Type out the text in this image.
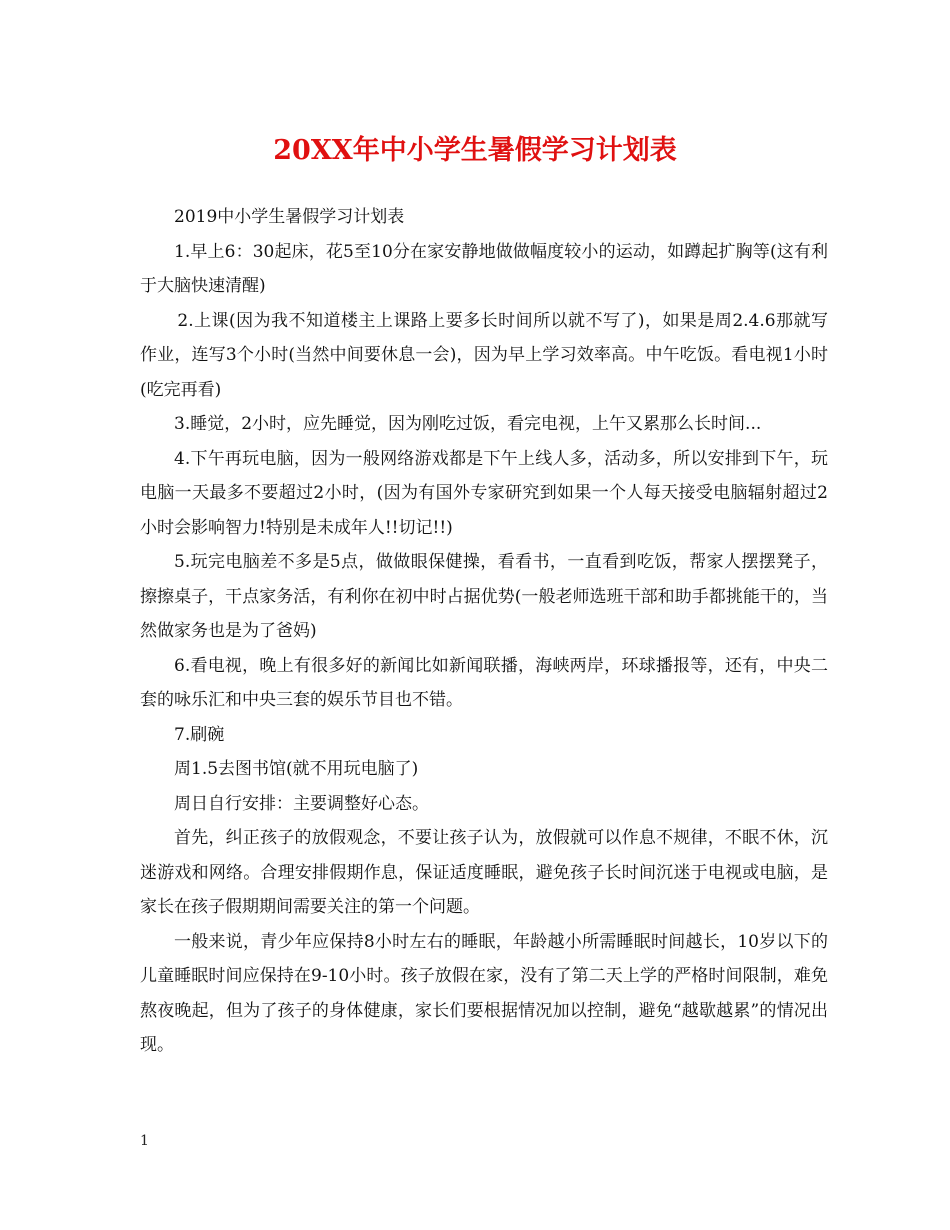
20XX年中小学生暑假学习计划表

2019中小学生暑假学习计划表

1.早上6：30起床，花5至10分在家安静地做做幅度较小的运动，如蹲起扩胸等(这有利于大脑快速清醒)

2.上课(因为我不知道楼主上课路上要多长时间所以就不写了)，如果是周2.4.6那就写作业，连写3个小时(当然中间要休息一会)，因为早上学习效率高。中午吃饭。看电视1小时(吃完再看)

3.睡觉，2小时，应先睡觉，因为刚吃过饭，看完电视，上午又累那么长时间...

4.下午再玩电脑，因为一般网络游戏都是下午上线人多，活动多，所以安排到下午，玩电脑一天最多不要超过2小时，(因为有国外专家研究到如果一个人每天接受电脑辐射超过2小时会影响智力!特别是未成年人!!切记!!)

5.玩完电脑差不多是5点，做做眼保健操，看看书，一直看到吃饭，帮家人摆摆凳子，擦擦桌子，干点家务活，有利你在初中时占据优势(一般老师选班干部和助手都挑能干的，当然做家务也是为了爸妈)

6.看电视，晚上有很多好的新闻比如新闻联播，海峡两岸，环球播报等，还有，中央二套的咏乐汇和中央三套的娱乐节目也不错。

7.刷碗

周1.5去图书馆(就不用玩电脑了)

周日自行安排：主要调整好心态。

首先，纠正孩子的放假观念，不要让孩子认为，放假就可以作息不规律，不眠不休，沉迷游戏和网络。合理安排假期作息，保证适度睡眠，避免孩子长时间沉迷于电视或电脑，是家长在孩子假期期间需要关注的第一个问题。

一般来说，青少年应保持8小时左右的睡眠，年龄越小所需睡眠时间越长，10岁以下的儿童睡眠时间应保持在9-10小时。孩子放假在家，没有了第二天上学的严格时间限制，难免熬夜晚起，但为了孩子的身体健康，家长们要根据情况加以控制，避免“越歇越累”的情况出现。

1
